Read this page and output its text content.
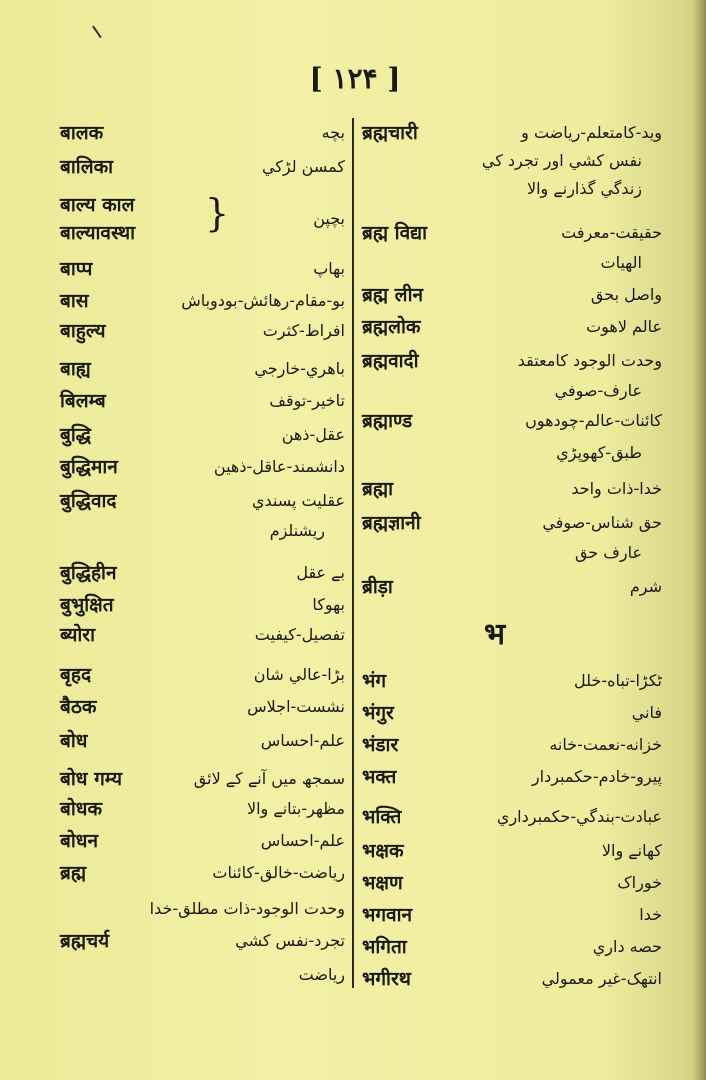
[ ۱۲۴ ]
बालक	بچه
बालिका	کمسن لڑکي
बाल्य काल
बाल्यावस्था }	بچپن
बाप्प	بهاپ
बास	بو-مقام-رهائش-بودوباش
बाहुल्य	افراط-کثرت
बाह्य	باهري-خارجي
बिलम्ब	تاخير-توقف
बुद्धि	عقل-ذهن
बुद्धिमान	دانشمند-عاقل-ذهين
बुद्धिवाद	عقليت پسندي
ريشنلزم
बुद्धिहीन	بے عقل
बुभुक्षित	بهوکا
ब्योरा	تفصيل-کيفيت
बृहद	بڑا-عالي شان
बैठक	نشست-اجلاس
बोध	علم-احساس
बोध गम्य	سمجھ ميں آنے کے لائق
बोधक	مظهر-بتانے والا
बोधन	علم-احساس
ब्रह्म	رياضت-خالق-کائنات
وحدت الوجود-ذات مطلق-خدا
ब्रह्मचर्य	تجرد-نفس کشي
رياضت
ब्रह्मचारी	ويد-کامتعلم-رياضت و
نفس کشي اور تجرد کي
زندگي گذارنے والا
ब्रह्म विद्या	حقيقت-معرفت
الهيات
ब्रह्म लीन	واصل بحق
ब्रह्मलोक	عالم لاهوت
ब्रह्मवादी	وحدت الوجود کامعتقد
عارف-صوفي
ब्रह्माण्ड	کائنات-عالم-چودهوں
طبق-کهوپڑي
ब्रह्मा	خدا-ذات واحد
ब्रह्मज्ञानी	حق شناس-صوفي
عارف حق
ब्रीड़ा	شرم
भ
भंग	ٹکڑا-تباه-خلل
भंगुर	فاني
भंडार	خزانه-نعمت-خانه
भक्त	پيرو-خادم-حکمبردار
भक्ति	عبادت-بندگي-حکمبرداري
भक्षक	کهانے والا
भक्षण	خوراک
भगवान	خدا
भगिता	حصه داري
भगीरथ	انتهک-غير معمولي
